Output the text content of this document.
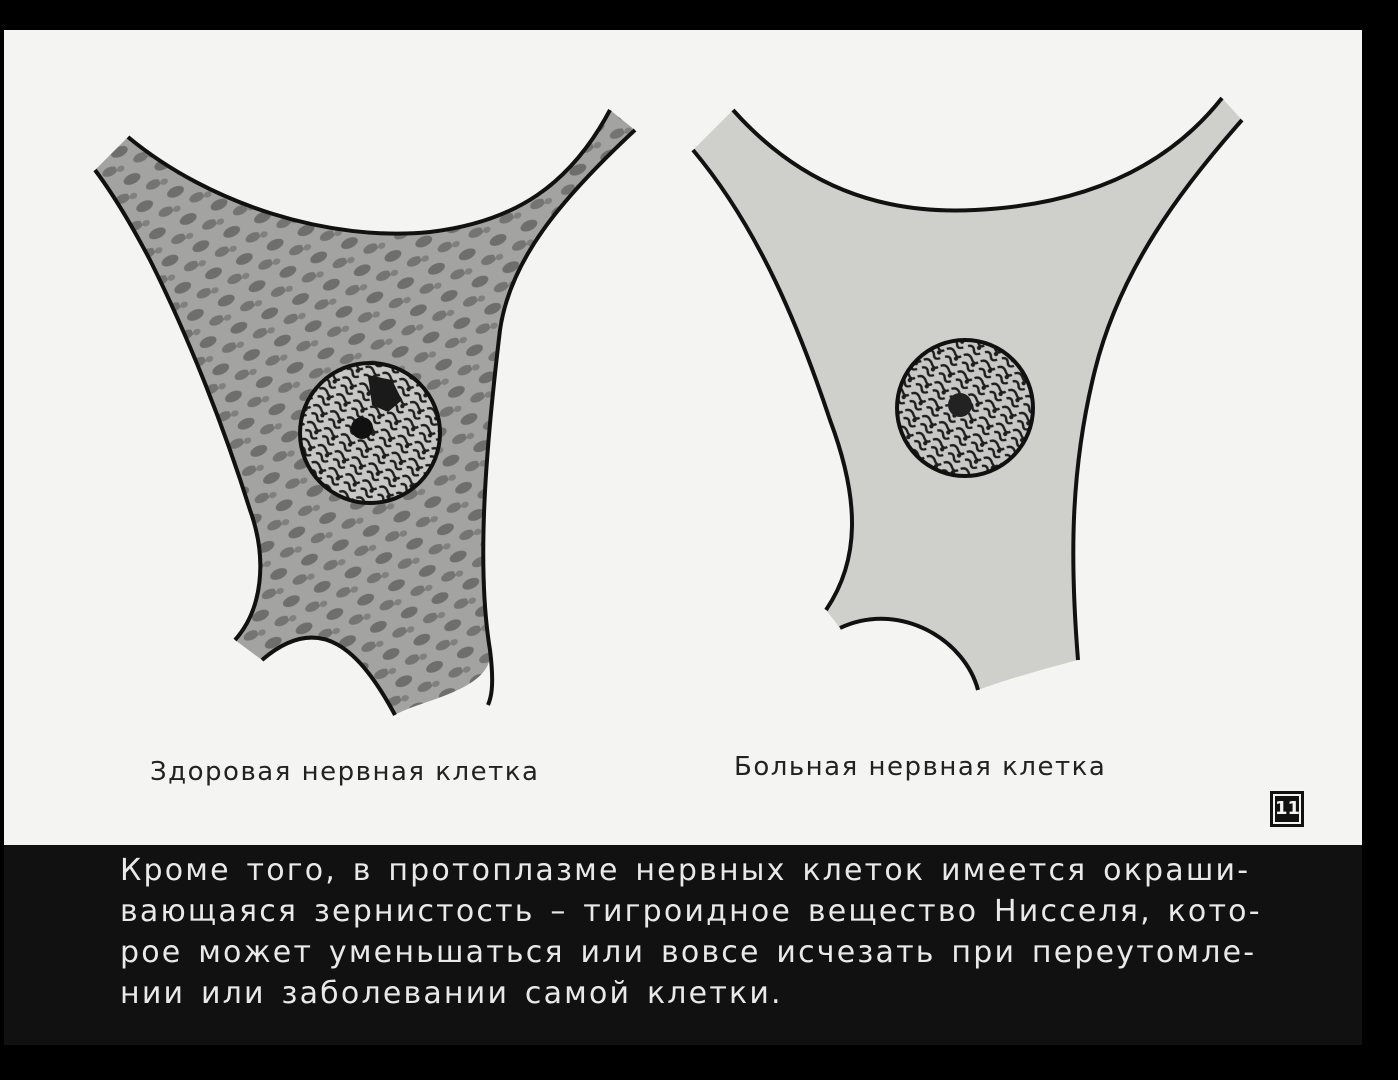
Здоровая нервная клетка	Больная нервная клетка
11
Кроме того, в протоплазме нервных клеток имеется окраши-
вающаяся зернистость – тигроидное вещество Нисселя, кото-
рое может уменьшаться или вовсе исчезать при переутомле-
нии или заболевании самой клетки.
